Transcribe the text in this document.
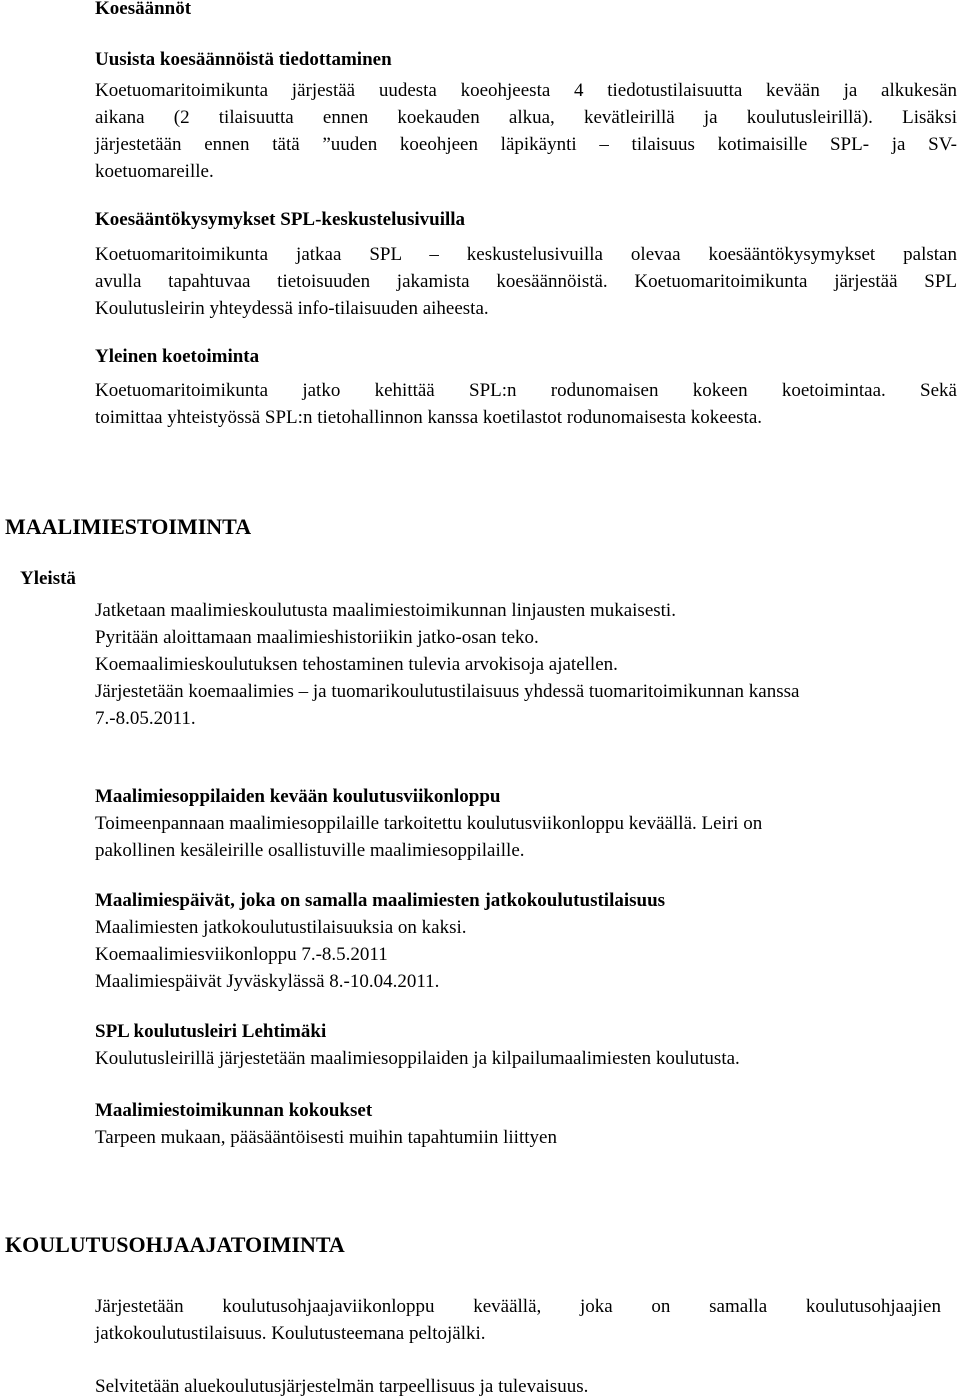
Koesäännöt
Uusista koesäännöistä tiedottaminen
Koetuomaritoimikunta järjestää uudesta koeohjeesta 4 tiedotustilaisuutta kevään ja alkukesän
aikana (2 tilaisuutta ennen koekauden alkua, kevätleirillä ja koulutusleirillä). Lisäksi
järjestetään ennen tätä ”uuden koeohjeen läpikäynti – tilaisuus kotimaisille SPL- ja SV-
koetuomareille.
Koesääntökysymykset SPL-keskustelusivuilla
Koetuomaritoimikunta jatkaa SPL – keskustelusivuilla olevaa koesääntökysymykset palstan
avulla tapahtuvaa tietoisuuden jakamista koesäännöistä. Koetuomaritoimikunta järjestää SPL
Koulutusleirin yhteydessä info-tilaisuuden aiheesta.
Yleinen koetoiminta
Koetuomaritoimikunta jatko kehittää SPL:n rodunomaisen kokeen koetoimintaa. Sekä
toimittaa yhteistyössä SPL:n tietohallinnon kanssa koetilastot rodunomaisesta kokeesta.
MAALIMIESTOIMINTA
Yleistä
Jatketaan maalimieskoulutusta maalimiestoimikunnan linjausten mukaisesti.
Pyritään aloittamaan maalimieshistoriikin jatko-osan teko.
Koemaalimieskoulutuksen tehostaminen tulevia arvokisoja ajatellen.
Järjestetään koemaalimies – ja tuomarikoulutustilaisuus yhdessä tuomaritoimikunnan kanssa
7.-8.05.2011.
Maalimiesoppilaiden kevään koulutusviikonloppu
Toimeenpannaan maalimiesoppilaille tarkoitettu koulutusviikonloppu keväällä. Leiri on
pakollinen kesäleirille osallistuville maalimiesoppilaille.
Maalimiespäivät, joka on samalla maalimiesten jatkokoulutustilaisuus
Maalimiesten jatkokoulutustilaisuuksia on kaksi.
Koemaalimiesviikonloppu 7.-8.5.2011
Maalimiespäivät Jyväskylässä 8.-10.04.2011.
SPL koulutusleiri Lehtimäki
Koulutusleirillä järjestetään maalimiesoppilaiden ja kilpailumaalimiesten koulutusta.
Maalimiestoimikunnan kokoukset
Tarpeen mukaan, pääsääntöisesti muihin tapahtumiin liittyen
KOULUTUSOHJAAJATOIMINTA
Järjestetään koulutusohjaajaviikonloppu keväällä, joka on samalla koulutusohjaajien
jatkokoulutustilaisuus. Koulutusteemana peltojälki.
Selvitetään aluekoulutusjärjestelmän tarpeellisuus ja tulevaisuus.
